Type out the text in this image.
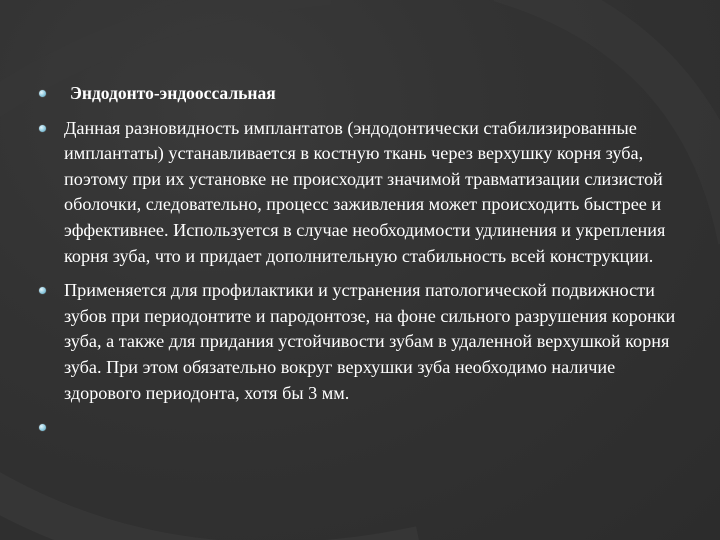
Эндодонто-эндооссальная
Данная разновидность имплантатов (эндодонтически стабилизированные имплантаты) устанавливается в костную ткань через верхушку корня зуба, поэтому при их установке не происходит значимой травматизации слизистой оболочки, следовательно, процесс заживления может происходить быстрее и эффективнее. Используется в случае необходимости удлинения и укрепления корня зуба, что и придает дополнительную стабильность всей конструкции.
Применяется для профилактики и устранения патологической подвижности зубов при периодонтите и пародонтозе, на фоне сильного разрушения коронки зуба, а также для придания устойчивости зубам в удаленной верхушкой корня зуба. При этом обязательно вокруг верхушки зуба необходимо наличие здорового периодонта, хотя бы 3 мм.
